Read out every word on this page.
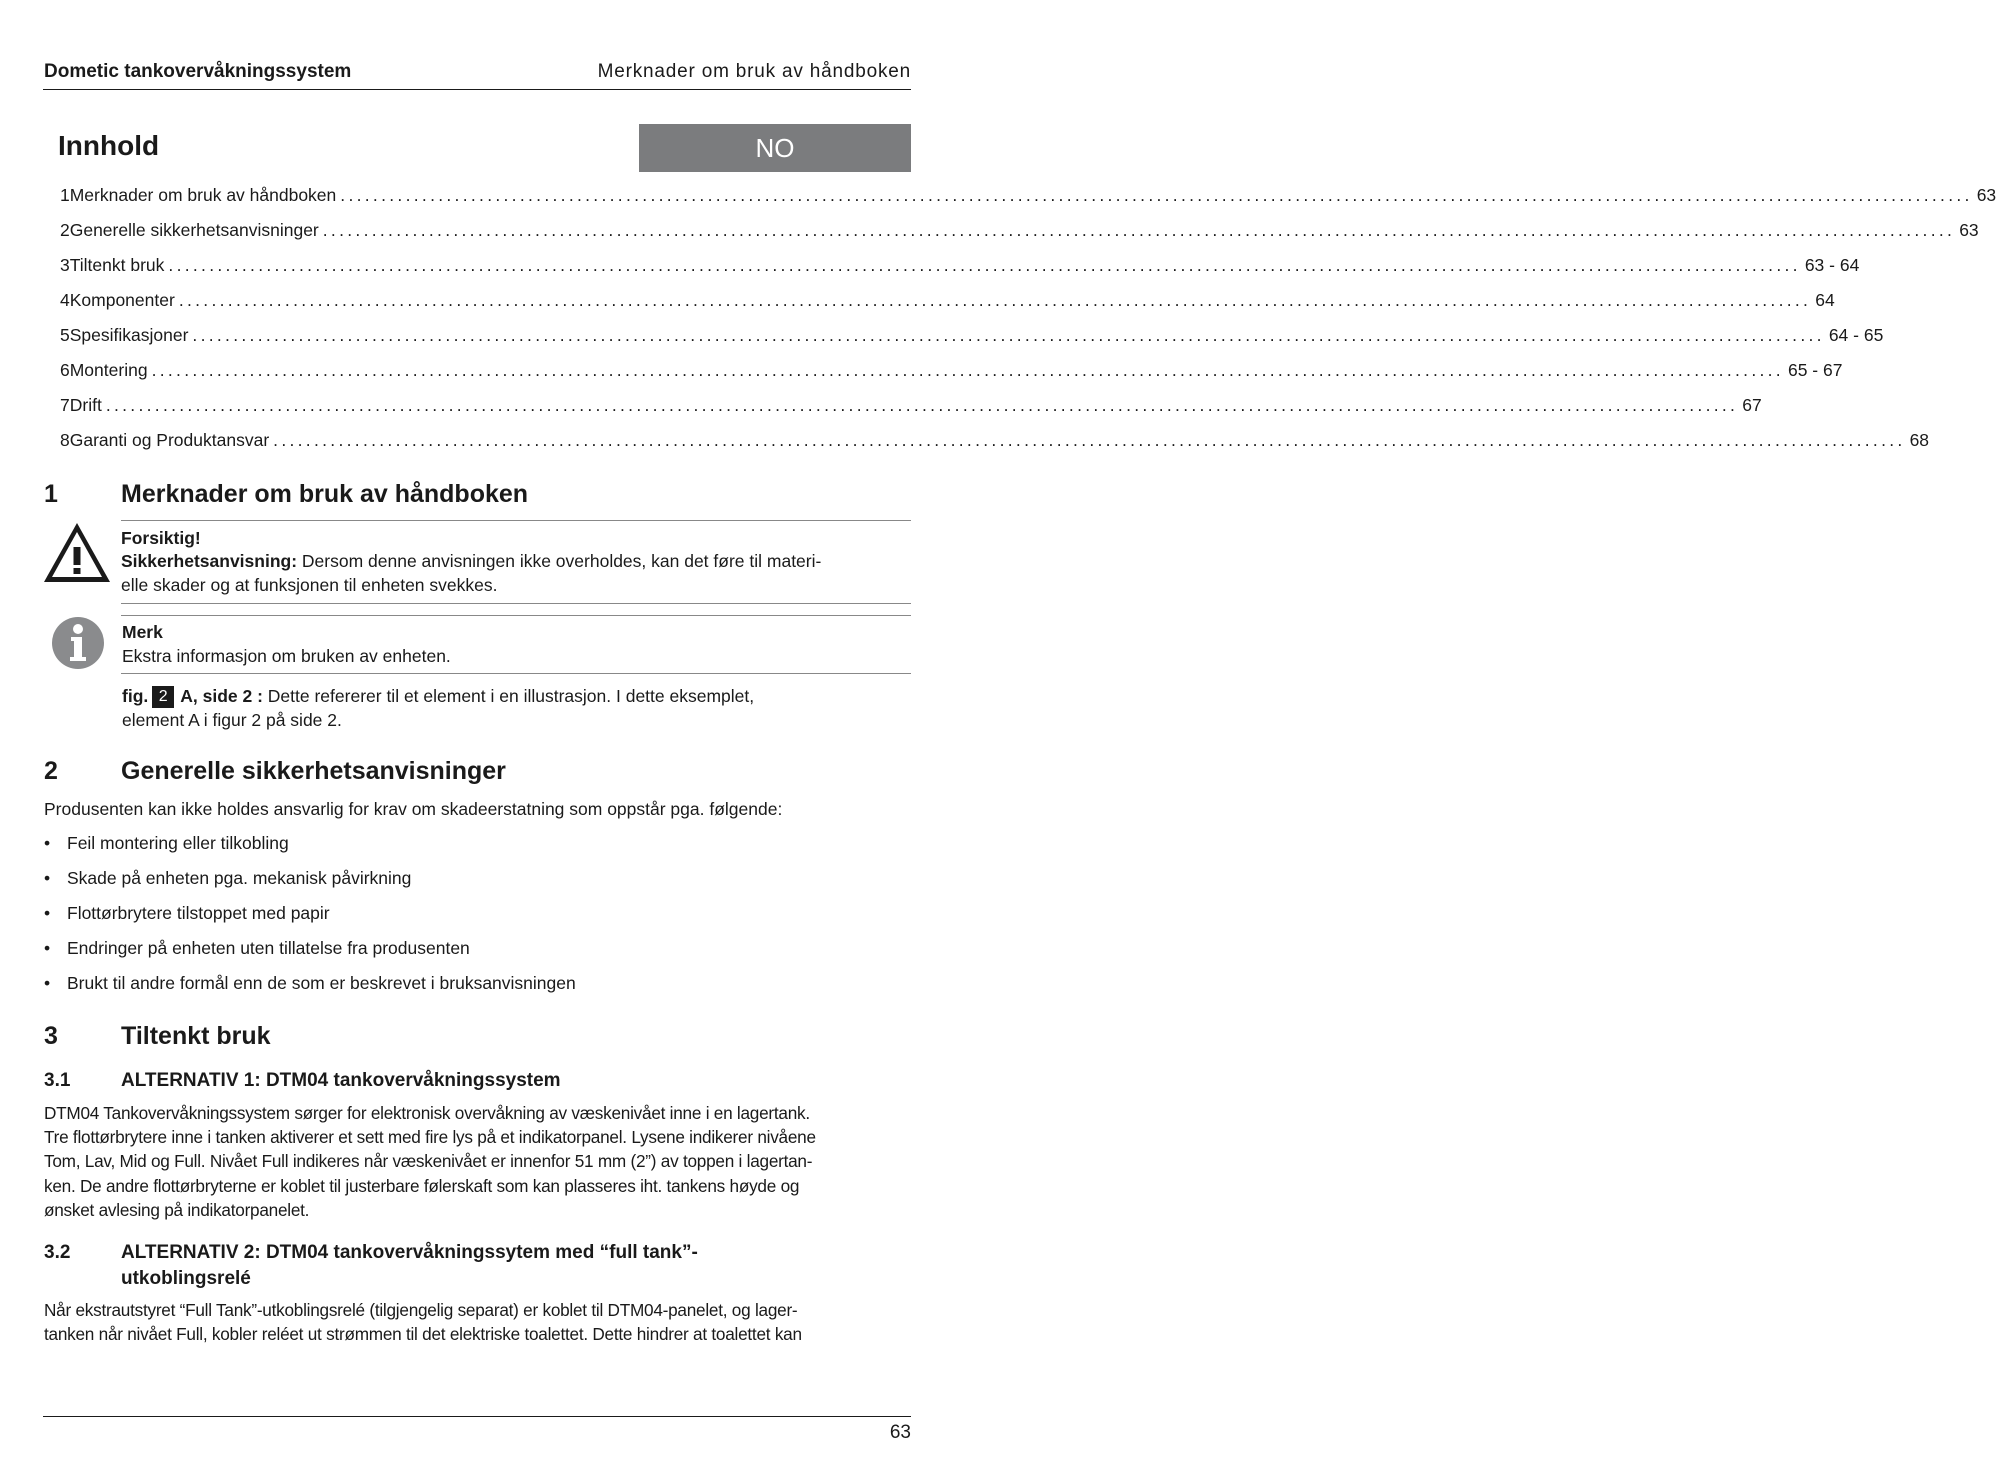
Dometic tankovervåkningssystem	Merknader om bruk av håndboken
Innhold	NO
1 Merknader om bruk av håndboken ........................................................................................................................................................................................................ 63
2 Generelle sikkerhetsanvisninger ........................................................................................................................................................................................................ 63
3 Tiltenkt bruk ........................................................................................................................................................................................................ 63 - 64
4 Komponenter ........................................................................................................................................................................................................ 64
5 Spesifikasjoner ........................................................................................................................................................................................................ 64 - 65
6 Montering ........................................................................................................................................................................................................ 65 - 67
7 Drift ........................................................................................................................................................................................................ 67
8 Garanti og Produktansvar ........................................................................................................................................................................................................ 68
1	Merknader om bruk av håndboken
Forsiktig!
Sikkerhetsanvisning: Dersom denne anvisningen ikke overholdes, kan det føre til materi-
elle skader og at funksjonen til enheten svekkes.
Merk
Ekstra informasjon om bruken av enheten.
fig. 2 A, side 2 : Dette refererer til et element i en illustrasjon. I dette eksemplet,
element A i figur 2 på side 2.
2	Generelle sikkerhetsanvisninger
Produsenten kan ikke holdes ansvarlig for krav om skadeerstatning som oppstår pga. følgende:
• Feil montering eller tilkobling
• Skade på enheten pga. mekanisk påvirkning
• Flottørbrytere tilstoppet med papir
• Endringer på enheten uten tillatelse fra produsenten
• Brukt til andre formål enn de som er beskrevet i bruksanvisningen
3	Tiltenkt bruk
3.1	ALTERNATIV 1: DTM04 tankovervåkningssystem
DTM04 Tankovervåkningssystem sørger for elektronisk overvåkning av væskenivået inne i en lagertank.
Tre flottørbrytere inne i tanken aktiverer et sett med fire lys på et indikatorpanel. Lysene indikerer nivåene
Tom, Lav, Mid og Full. Nivået Full indikeres når væskenivået er innenfor 51 mm (2”) av toppen i lagertan-
ken. De andre flottørbryterne er koblet til justerbare følerskaft som kan plasseres iht. tankens høyde og
ønsket avlesing på indikatorpanelet.
3.2	ALTERNATIV 2: DTM04 tankovervåkningssytem med “full tank”-
utkoblingsrelé
Når ekstrautstyret “Full Tank”-utkoblingsrelé (tilgjengelig separat) er koblet til DTM04-panelet, og lager-
tanken når nivået Full, kobler reléet ut strømmen til det elektriske toalettet. Dette hindrer at toalettet kan
63
